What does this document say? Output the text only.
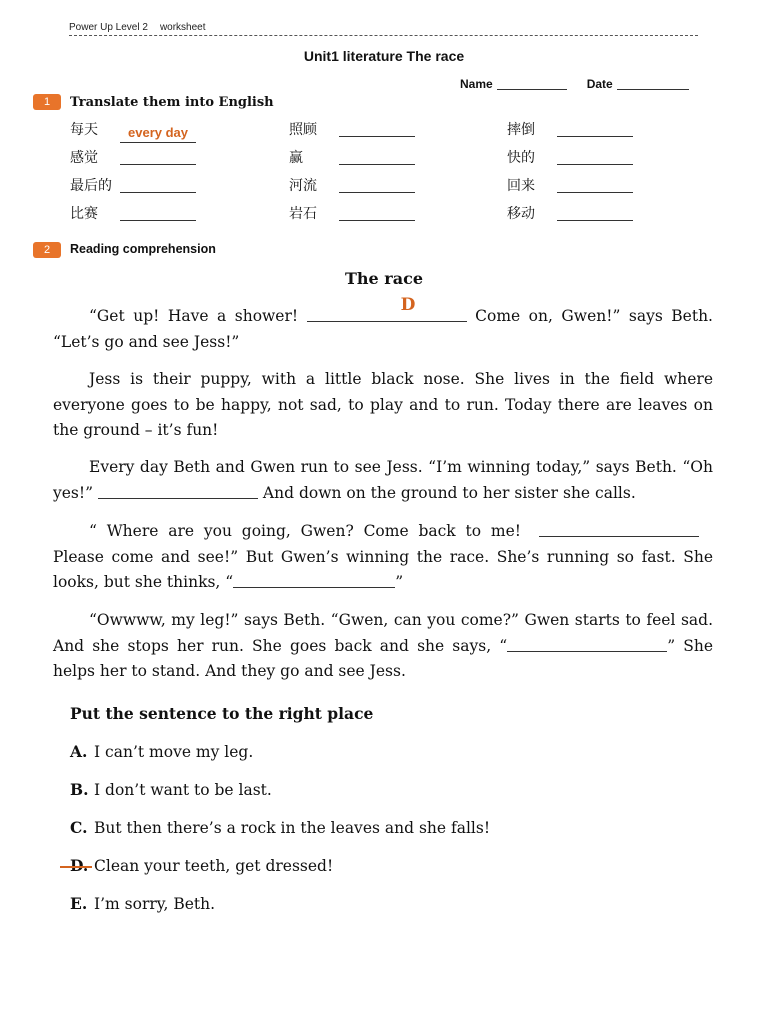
Power Up Level 2 worksheet
Unit1 literature The race
Name	Date
1	Translate them into English
每天 every day	照顾	摔倒
感觉	赢	快的
最后的	河流	回来
比赛	岩石	移动
2	Reading comprehension
The race
“Get up! Have a shower!
D
Come on, Gwen!” says Beth. “Let’s go and see Jess!”
Jess is their puppy, with a little black nose. She lives in the field where everyone goes to be happy, not sad, to play and to run. Today there are leaves on the ground – it’s fun!
Every day Beth and Gwen run to see Jess. “I’m winning today,” says Beth. “Oh yes!”	And down on the ground to her sister she calls.
“ Where are you going, Gwen? Come back to me! Please come and see!” But Gwen’s winning the race. She’s running so fast. She looks, but she thinks, “	”
“Owwww, my leg!” says Beth. “Gwen, can you come?” Gwen starts to feel sad. And she stops her run. She goes back and she says, “	” She helps her to stand. And they go and see Jess.
Put the sentence to the right place
A. I can’t move my leg.
B. I don’t want to be last.
C. But then there’s a rock in the leaves and she falls!
Clean your teeth, get dressed!
E. I’m sorry, Beth.
